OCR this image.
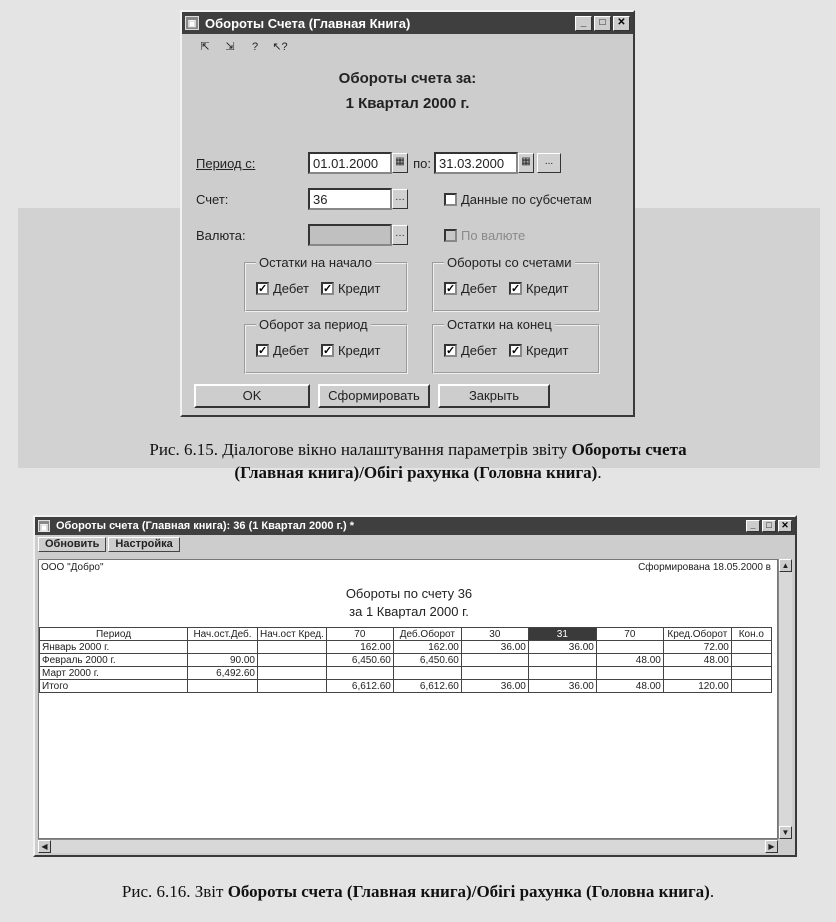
▣ Обороты Счета (Главная Книга)	_	□	✕
⇱	⇲	?	↖?
Обороты счета за:
1 Квартал 2000 г.
Период с:	01.01.2000	▦ по: 31.03.2000	▦	...
Счет:	36	…	Данные по субсчетам
Валюта:	…	По валюте
Остатки на начало
✓ Дебет ✓ Кредит
Обороты со счетами
✓ Дебет ✓ Кредит
Оборот за период
✓ Дебет ✓ Кредит
Остатки на конец
✓ Дебет ✓ Кредит
OK	Сформировать	Закрыть
Рис. 6.15. Діалогове вікно налаштування параметрів звіту Обороты счета
(Главная книга)/Обігі рахунка (Головна книга).
▣ Обороты счета (Главная книга): 36 (1 Квартал 2000 г.) *	_	□	✕
Обновить	Настройка
ООО "Добро"	Сформирована 18.05.2000 в
Обороты по счету 36
за 1 Квартал 2000 г.
Период	Нач.ост.Деб.	Нач.ост Кред.	70	Деб.Оборот	30	31	70	Кред.Оборот	Кон.о
Январь 2000 г.			162.00	162.00	36.00	36.00		72.00	
Февраль 2000 г.	90.00		6,450.60	6,450.60			48.00	48.00	
Март 2000 г.	6,492.60								
Итого			6,612.60	6,612.60	36.00	36.00	48.00	120.00	
▲
▼
◀	▶
Рис. 6.16. Звіт Обороты счета (Главная книга)/Обігі рахунка (Головна книга).
